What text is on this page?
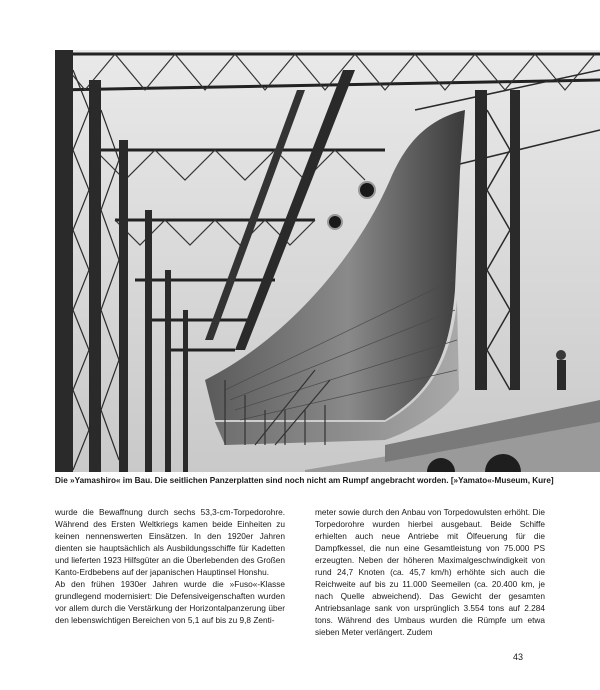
Die »Yamashiro« im Bau. Die seitlichen Panzerplatten sind noch nicht am Rumpf angebracht worden. [»Yamato«-Museum, Kure]

wurde die Bewaffnung durch sechs 53,3-cm-Torpedorohre. Während des Ersten Weltkriegs kamen beide Einheiten zu keinen nennenswerten Einsätzen. In den 1920er Jahren dienten sie hauptsächlich als Ausbildungsschiffe für Kadetten und lieferten 1923 Hilfsgüter an die Überlebenden des Großen Kanto-Erdbebens auf der japanischen Hauptinsel Honshu.

Ab den frühen 1930er Jahren wurde die »Fuso«-Klasse grundlegend modernisiert: Die Defensiveigenschaften wurden vor allem durch die Verstärkung der Horizontalpanzerung über den lebenswichtigen Bereichen von 5,1 auf bis zu 9,8 Zenti-

meter sowie durch den Anbau von Torpedowulsten erhöht. Die Torpedorohre wurden hierbei ausgebaut. Beide Schiffe erhielten auch neue Antriebe mit Ölfeuerung für die Dampfkessel, die nun eine Gesamtleistung von 75.000 PS erzeugten. Neben der höheren Maximalgeschwindigkeit von rund 24,7 Knoten (ca. 45,7 km/h) erhöhte sich auch die Reichweite auf bis zu 11.000 Seemeilen (ca. 20.400 km, je nach Quelle abweichend). Das Gewicht der gesamten Antriebsanlage sank von ursprünglich 3.554 tons auf 2.284 tons. Während des Umbaus wurden die Rümpfe um etwa sieben Meter verlängert. Zudem

43
